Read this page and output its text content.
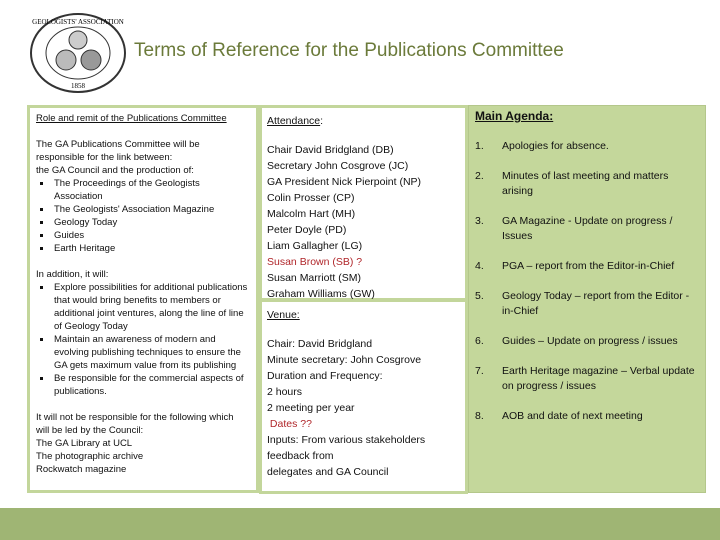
GEOLOGISTS' ASSOCIATION
1858
Terms of Reference for the Publications Committee
Role and remit of the Publications Committee
The GA Publications Committee will be
responsible for the link between:
the GA Council and the production of:
▪ The Proceedings of the Geologists Association
▪ The Geologists' Association Magazine
▪ Geology Today
▪ Guides
▪ Earth Heritage
In addition, it will:
▪ Explore possibilities for additional publications that would bring benefits to members or additional joint ventures, along the line of line of Geology Today
▪ Maintain an awareness of modern and evolving publishing techniques to ensure the GA gets maximum value from its publishing
▪ Be responsible for the commercial aspects of publications.
It will not be responsible for the following which
will be led by the Council:
The GA Library at UCL
The photographic archive
Rockwatch magazine
Attendance:
Chair David Bridgland (DB)
Secretary John Cosgrove (JC)
GA President Nick Pierpoint (NP)
Colin Prosser (CP)
Malcolm Hart (MH)
Peter Doyle (PD)
Liam Gallagher (LG)
Susan Brown (SB) ?
Susan Marriott (SM)
Graham Williams (GW)
Venue:
Chair: David Bridgland
Minute secretary: John Cosgrove
Duration and Frequency:
2 hours
2 meeting per year
Dates ??
Inputs: From various stakeholders
feedback from
delegates and GA Council
Main Agenda:
1.	Apologies for absence.
2.	Minutes of last meeting and matters arising
3.	GA Magazine - Update on progress / Issues
4.	PGA – report from the Editor-in-Chief
5.	Geology Today – report from the Editor -in-Chief
6.	Guides – Update on progress / issues
7.	Earth Heritage magazine – Verbal update on progress / issues
8.	AOB and date of next meeting
